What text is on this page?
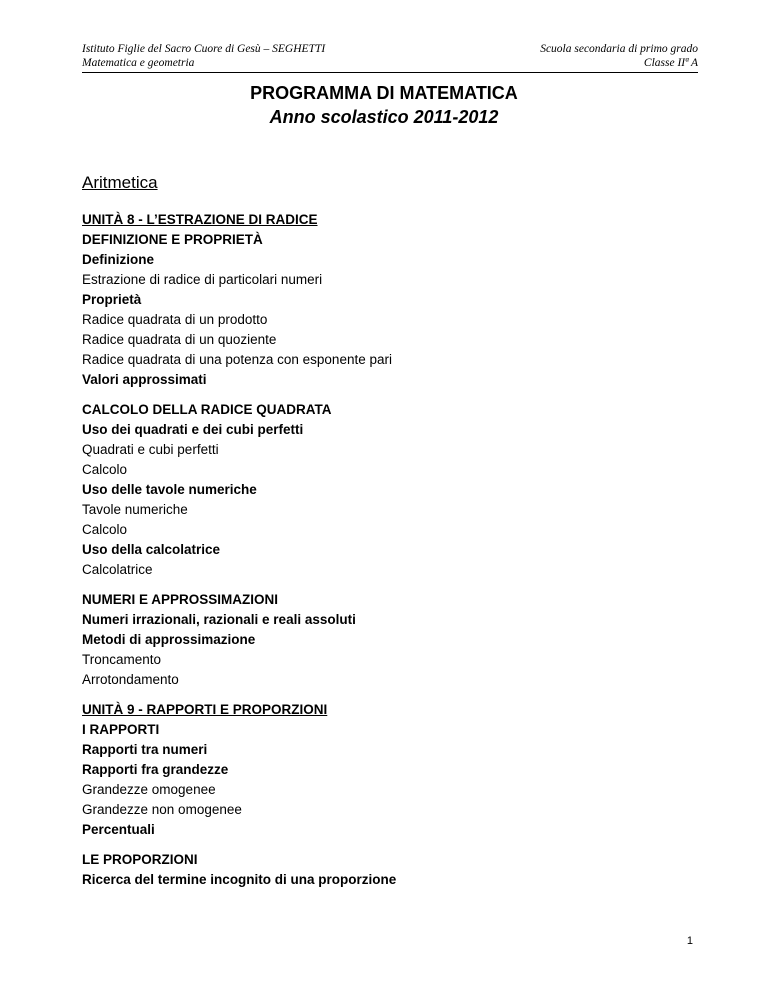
Istituto Figlie del Sacro Cuore di Gesù – SEGHETTI
Matematica e geometria
Scuola secondaria di primo grado
Classe IIª A
PROGRAMMA DI MATEMATICA
Anno scolastico 2011-2012
Aritmetica
UNITÀ 8 - L’ESTRAZIONE DI RADICE
DEFINIZIONE E PROPRIETÀ
Definizione
Estrazione di radice di particolari numeri
Proprietà
Radice quadrata di un prodotto
Radice quadrata di un quoziente
Radice quadrata di una potenza con esponente pari
Valori approssimati
CALCOLO DELLA RADICE QUADRATA
Uso dei quadrati e dei cubi perfetti
Quadrati e cubi perfetti
Calcolo
Uso delle tavole numeriche
Tavole numeriche
Calcolo
Uso della calcolatrice
Calcolatrice
NUMERI E APPROSSIMAZIONI
Numeri irrazionali, razionali e reali assoluti
Metodi di approssimazione
Troncamento
Arrotondamento
UNITÀ 9 - RAPPORTI E PROPORZIONI
I RAPPORTI
Rapporti tra numeri
Rapporti fra grandezze
Grandezze omogenee
Grandezze non omogenee
Percentuali
LE PROPORZIONI
Ricerca del termine incognito di una proporzione
1
